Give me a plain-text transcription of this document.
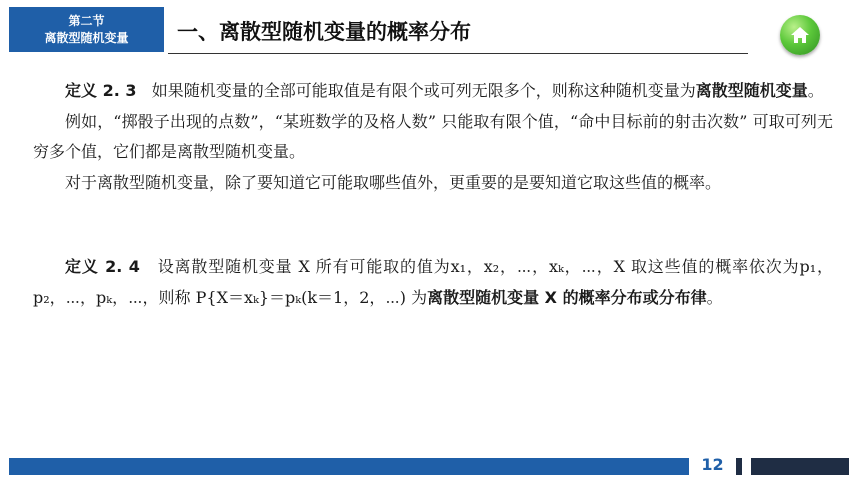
第二节
离散型随机变量 一、离散型随机变量的概率分布

定义 2. 3 如果随机变量的全部可能取值是有限个或可列无限多个，则称这种随机变量为离散型随机变量。

例如，“掷骰子出现的点数”，“某班数学的及格人数” 只能取有限个值，“命中目标前的射击次数” 可取可列无穷多个值，它们都是离散型随机变量。

对于离散型随机变量，除了要知道它可能取哪些值外，更重要的是要知道它取这些值的概率。

定义 2. 4 设离散型随机变量 X 所有可能取的值为x₁，x₂，⋯，xₖ，⋯，X 取这些值的概率依次为p₁，p₂，⋯，pₖ，⋯，则称 P{X＝xₖ}＝pₖ(k＝1，2，⋯) 为离散型随机变量 X 的概率分布或分布律。

12
